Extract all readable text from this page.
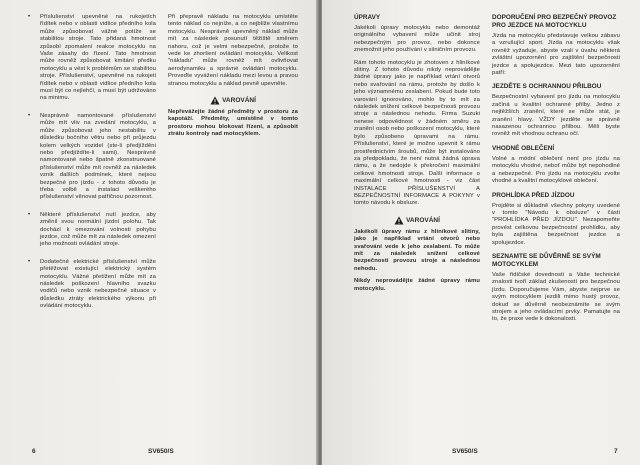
• Příslušenství upevněné na rukojetích řídítek nebo v oblasti vidlice předního kola může způsobovat vážné potíže se stabilitou stroje. Tato přidaná hmotnost způsobí zpomalení reakce motocyklu na Vaše zásahy do řízení. Tato hmotnost může rovněž způsobovat kmitání předku motocyklu a vést k problémům se stabilitou stroje. Příslušenství, upevněné na rukojeti řídítek nebo v oblasti vidlice předního kola musí být co nejlehčí, a musí být udržováno na minimu.

• Nesprávně namontované příslušenství může mít vliv na zvedání motocyklu, a může způsobovat jeho nestabilitu v důsledku bočního větru nebo při průjezdu kolem velkých vozidel (ste-li předjížděni nebo předjíždíte-li sami). Nesprávně namontované nebo špatně zkonstruované příslušenství může mít rovněž za následek vznik dalších podmínek, které nejsou bezpečné pro jízdu - z tohoto důvodu je třeba volbě a instalaci veškerého příslušenství věnovat patřičnou pozornost.

• Některé příslušenství nutí jezdce, aby změnil svou normální jízdní polohu. Tak dochází k omezování volnosti pohybu jezdce, což může mít za následek omezení jeho možnosti ovládání stroje.

• Dodatečné elektrické příslušenství může přetěžovat existující elektrický systém motocyklu. Vážné přetížení může mít za následek poškození hlavního svazku vodičů nebo vznik nebezpečné situace v důsledku ztráty elektrického výkonu při ovládání motocyklu.

Při přepravě nákladu na motocyklu umístěte tento náklad co nejníže, a co nejblíže vlastnímu motocyklu. Nesprávně upevněný náklad může mít za následek posunutí těžiště směrem nahoru, což je velmi nebezpečné, protože to vede ke zhoršení ovládání motocyklu. Velikost "nákladu" může rovněž mít ovlivňovat aerodynamiku a správné ovládání motocyklu. Proveďte vyvážení nákladu mezi levou a pravou stranou motocyklu a náklad pevně upevněte.

VAROVÁNÍ

Nepřevážejte žádné předměty v prostoru za kapotáží. Předměty, umístěné v tomto prostoru mohou blokovat řízení, a způsobit ztrátu kontroly nad motocyklem.

6	SV650/S
ÚPRAVY

Jakékoli úpravy motocyklu nebo demontáž originálního vybavení může učinit stroj nebezpečným pro provoz, nebo dokonce znemožnit jeho používání v silničním provozu.

Rám tohoto motocyklu je zhotoven z hliníkové slitiny. Z tohoto důvodu nikdy neprovádějte žádné úpravy jako je například vrtání otvorů nebo svařování na rámu, protože by došlo k jeho významnému zeslabení. Pokud bude toto varování ignorováno, mohlo by to mít za následek snížení celkové bezpečnosti provozu stroje a následnou nehodu. Firma Suzuki nenese odpovědnost v žádném směru za zranění osob nebo poškození motocyklu, které bylo způsobeno úpravami na rámu. Příslušenství, které je možno upevnit k rámu prostřednictvím šroubů, může být instalováno za předpokladu, že není nutná žádná úprava rámu, a že nedojde k překročení maximální celkové hmotnosti stroje. Další informace o maximální celkové hmotnosti - viz část INSTALACE PŘÍSLUŠENSTVÍ A BEZPEČNOSTNÍ INFORMACE A POKYNY v tomto návodu k obsluze.

VAROVÁNÍ

Jakékoli úpravy rámu z hliníkové slitiny, jako je například vrtání otvorů nebo svařování vede k jeho zeslabení. To může mít za následek snížení celkové bezpečnosti provozu stroje a následnou nehodu.

Nikdy neprovádějte žádné úpravy rámu motocyklu.

DOPORUČENÍ PRO BEZPEČNÝ PROVOZ PRO JEZDCE NA MOTOCYKLU

Jízda na motocyklu představuje velkou zábavu a vzrušující sport. Jízda na motocyklu však rovněž vyžaduje, abyste vzali v úvahu některá zvláštní upozornění pro zajištění bezpečnosti jezdce a spolujezdce. Mezi tato upozornění patří:

JEZDĚTE S OCHRANNOU PŘILBOU

Bezpečnostní vybavení pro jízdu na motocyklu začíná u kvalitní ochranné přilby. Jedno z nejtěžších zranění, které se může stát, je zranění hlavy. VŽDY jezděte se správně nasazenou ochrannou přilbou. Měli byste rovněž mít vhodnou ochranu očí.

VHODNÉ OBLEČENÍ

Volné a módní oblečení není pro jízdu na motocyklu vhodné, neboť může být nepohodlné a nebezpečné. Pro jízdu na motocyklu zvolte vhodné a kvalitní motocyklové oblečení.

PROHLÍDKA PŘED JÍZDOU

Projděte si důkladně všechny pokyny uvedené v tomto "Návodu k obsluze" v části "PROHLÍDKA PŘED JÍZDOU". Nezapomeňte provést celkovou bezpečnostní prohlídku, aby byla zajištěna bezpečnost jezdce a spolujezdce.

SEZNAMTE SE DŮVĚRNĚ SE SVÝM MOTOCYKLEM

Vaše řidičské dovednosti a Vaše technické znalosti tvoří základ zkušeností pro bezpečnou jízdu. Doporučujeme Vám, abyste nejprve se svým motocyklem jezdili mimo hustý provoz, dokud se důvěrně neobeznámíte se svým strojem a jeho ovládacími prvky. Pamatujte na to, že praxe vede k dokonalosti.

SV650/S	7
